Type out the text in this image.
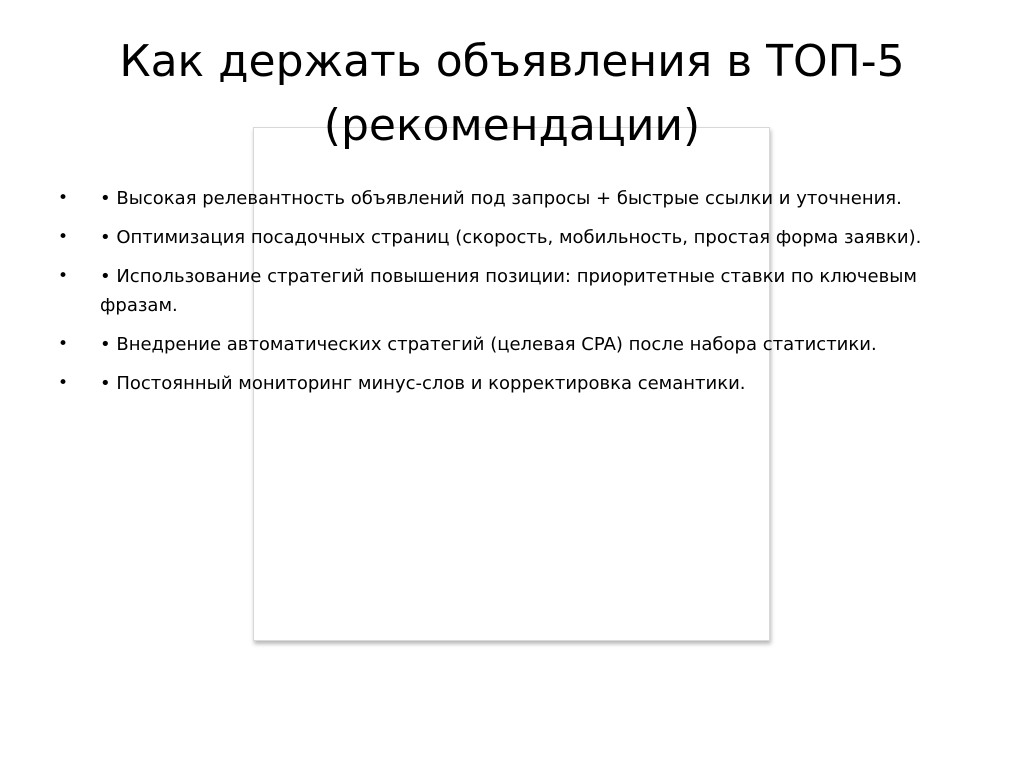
Как держать объявления в ТОП-5
(рекомендации)
• • Высокая релевантность объявлений под запросы + быстрые ссылки и уточнения.
• • Оптимизация посадочных страниц (скорость, мобильность, простая форма заявки).
• • Использование стратегий повышения позиции: приоритетные ставки по ключевым фразам.
• • Внедрение автоматических стратегий (целевая CPA) после набора статистики.
• • Постоянный мониторинг минус-слов и корректировка семантики.
